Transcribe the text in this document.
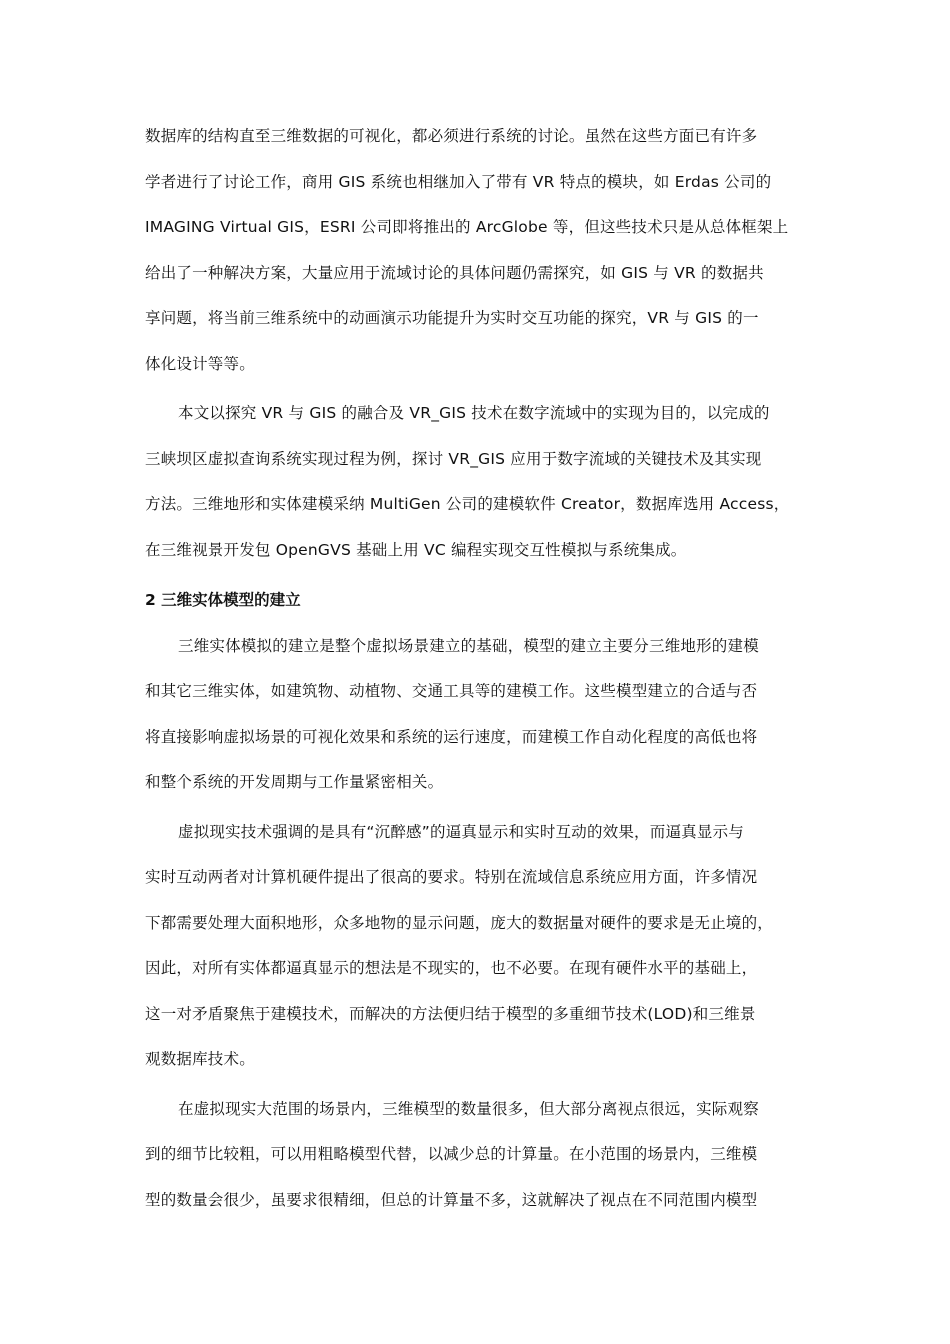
数据库的结构直至三维数据的可视化，都必须进行系统的讨论。虽然在这些方面已有许多
学者进行了讨论工作，商用 GIS 系统也相继加入了带有 VR 特点的模块，如 Erdas 公司的
IMAGING Virtual GIS，ESRI 公司即将推出的 ArcGlobe 等，但这些技术只是从总体框架上
给出了一种解决方案，大量应用于流域讨论的具体问题仍需探究，如 GIS 与 VR 的数据共
享问题，将当前三维系统中的动画演示功能提升为实时交互功能的探究，VR 与 GIS 的一
体化设计等等。

本文以探究 VR 与 GIS 的融合及 VR_GIS 技术在数字流域中的实现为目的，以完成的
三峡坝区虚拟查询系统实现过程为例，探讨 VR_GIS 应用于数字流域的关键技术及其实现
方法。三维地形和实体建模采纳 MultiGen 公司的建模软件 Creator，数据库选用 Access，
在三维视景开发包 OpenGVS 基础上用 VC 编程实现交互性模拟与系统集成。

2 三维实体模型的建立

三维实体模拟的建立是整个虚拟场景建立的基础，模型的建立主要分三维地形的建模
和其它三维实体，如建筑物、动植物、交通工具等的建模工作。这些模型建立的合适与否
将直接影响虚拟场景的可视化效果和系统的运行速度，而建模工作自动化程度的高低也将
和整个系统的开发周期与工作量紧密相关。

虚拟现实技术强调的是具有“沉醉感”的逼真显示和实时互动的效果，而逼真显示与
实时互动两者对计算机硬件提出了很高的要求。特别在流域信息系统应用方面，许多情况
下都需要处理大面积地形，众多地物的显示问题，庞大的数据量对硬件的要求是无止境的，
因此，对所有实体都逼真显示的想法是不现实的，也不必要。在现有硬件水平的基础上，
这一对矛盾聚焦于建模技术，而解决的方法便归结于模型的多重细节技术(LOD)和三维景
观数据库技术。

在虚拟现实大范围的场景内，三维模型的数量很多，但大部分离视点很远，实际观察
到的细节比较粗，可以用粗略模型代替，以减少总的计算量。在小范围的场景内，三维模
型的数量会很少，虽要求很精细，但总的计算量不多，这就解决了视点在不同范围内模型
